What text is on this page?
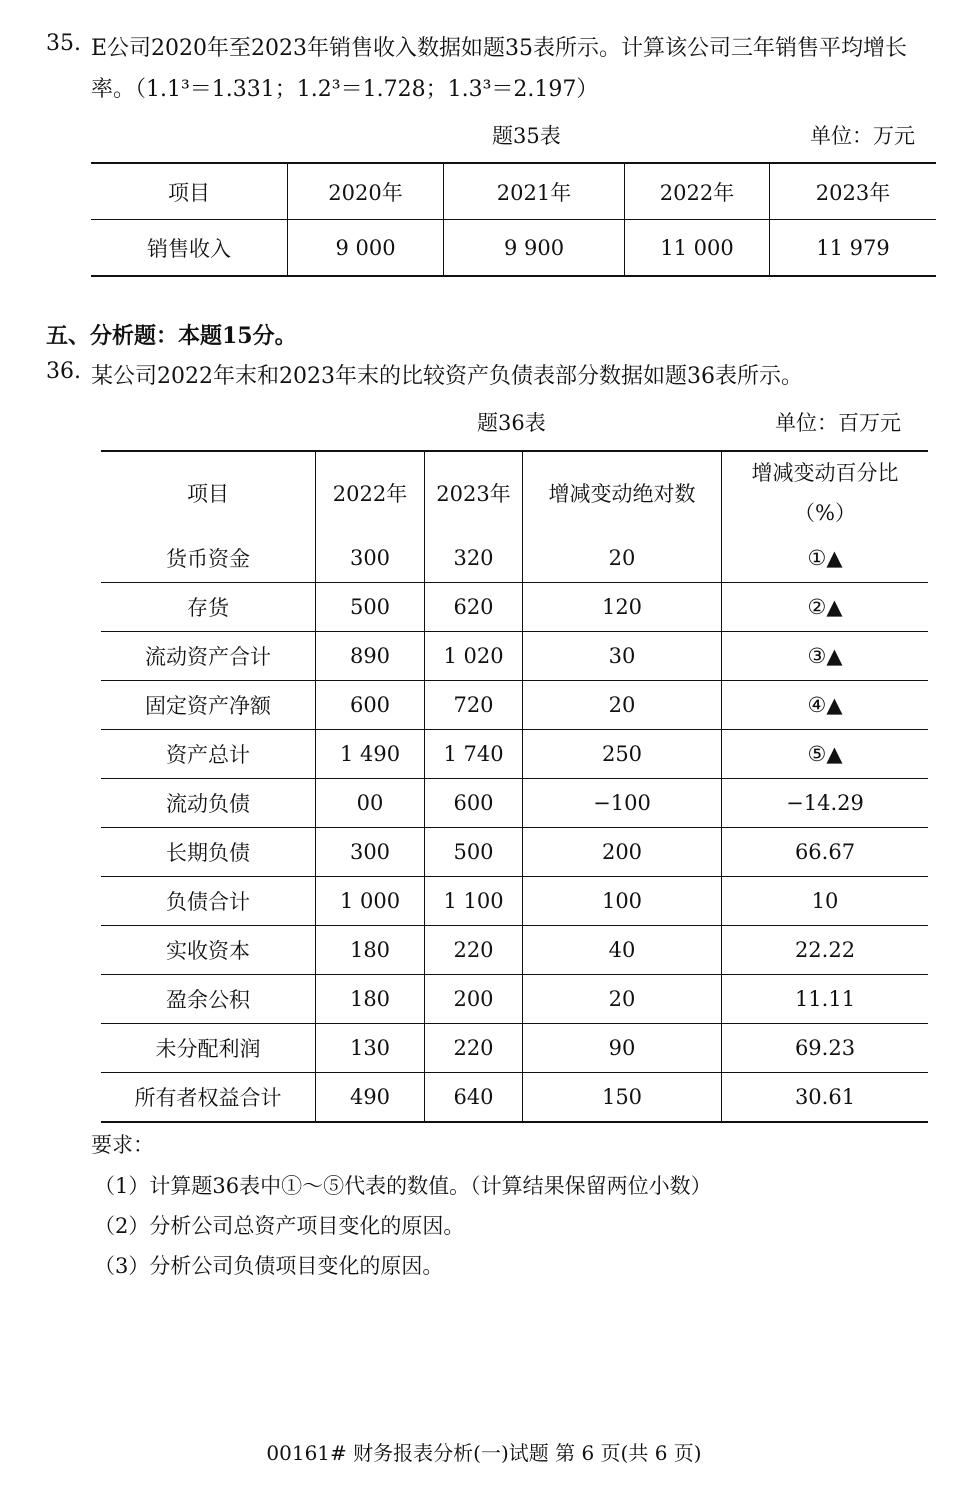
35. E公司2020年至2023年销售收入数据如题35表所示。计算该公司三年销售平均增长
率。（1.1³＝1.331；1.2³＝1.728；1.3³＝2.197）
题35表	单位：万元
项目	2020年	2021年	2022年	2023年
销售收入	9 000	9 900	11 000	11 979
五、分析题：本题15分。
36. 某公司2022年末和2023年末的比较资产负债表部分数据如题36表所示。
题36表	单位：百万元
项目	2022年	2023年	增减变动绝对数	增减变动百分比
（%）

货币资金	300	320	20	①▲
存货	500	620	120	②▲
流动资产合计	890	1 020	30	③▲
固定资产净额	600	720	20	④▲
资产总计	1 490	1 740	250	⑤▲
流动负债	00	600	−100	−14.29
长期负债	300	500	200	66.67
负债合计	1 000	1 100	100	10
实收资本	180	220	40	22.22
盈余公积	180	200	20	11.11
未分配利润	130	220	90	69.23
所有者权益合计	490	640	150	30.61
要求：
（1）计算题36表中①～⑤代表的数值。（计算结果保留两位小数）
（2）分析公司总资产项目变化的原因。
（3）分析公司负债项目变化的原因。
00161# 财务报表分析(一)试题 第 6 页(共 6 页)
